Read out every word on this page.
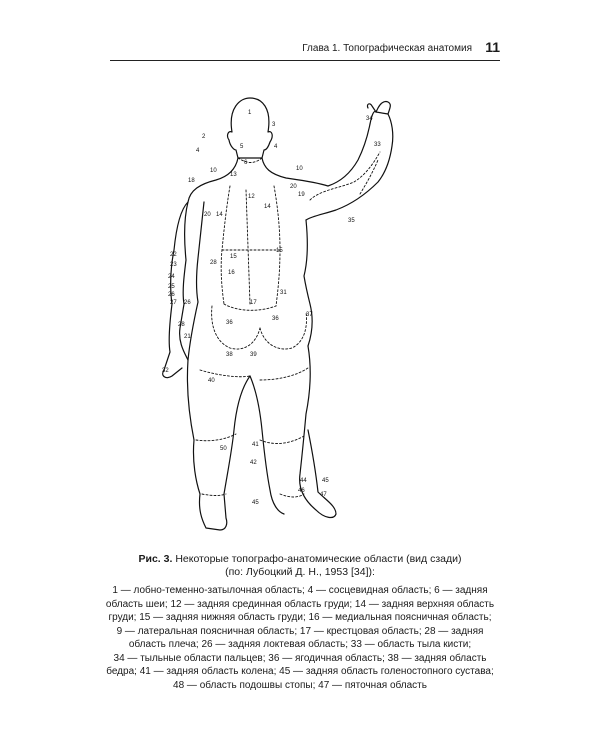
Глава 1. Топографическая анатомия 11
1
2
3
4
4
5
6
10	10
12
13
14
14
15
15
16
17
18
19
20
20
21
22
23
24
25
26
26
27
28
28
31
32
33
34
35
36
36
37
38	39
40
41
42
44
45
45
46
47
50
Рис. 3. Некоторые топографо-анатомические области (вид сзади)
(по: Лубоцкий Д. Н., 1953 [34]):
1 — лобно-теменно-затылочная область; 4 — сосцевидная область; 6 — задняя
область шеи; 12 — задняя срединная область груди; 14 — задняя верхняя область
груди; 15 — задняя нижняя область груди; 16 — медиальная поясничная область;
9 — латеральная поясничная область; 17 — крестцовая область; 28 — задняя
область плеча; 26 — задняя локтевая область; 33 — область тыла кисти;
34 — тыльные области пальцев; 36 — ягодичная область; 38 — задняя область
бедра; 41 — задняя область колена; 45 — задняя область голеностопного сустава;
48 — область подошвы стопы; 47 — пяточная область
